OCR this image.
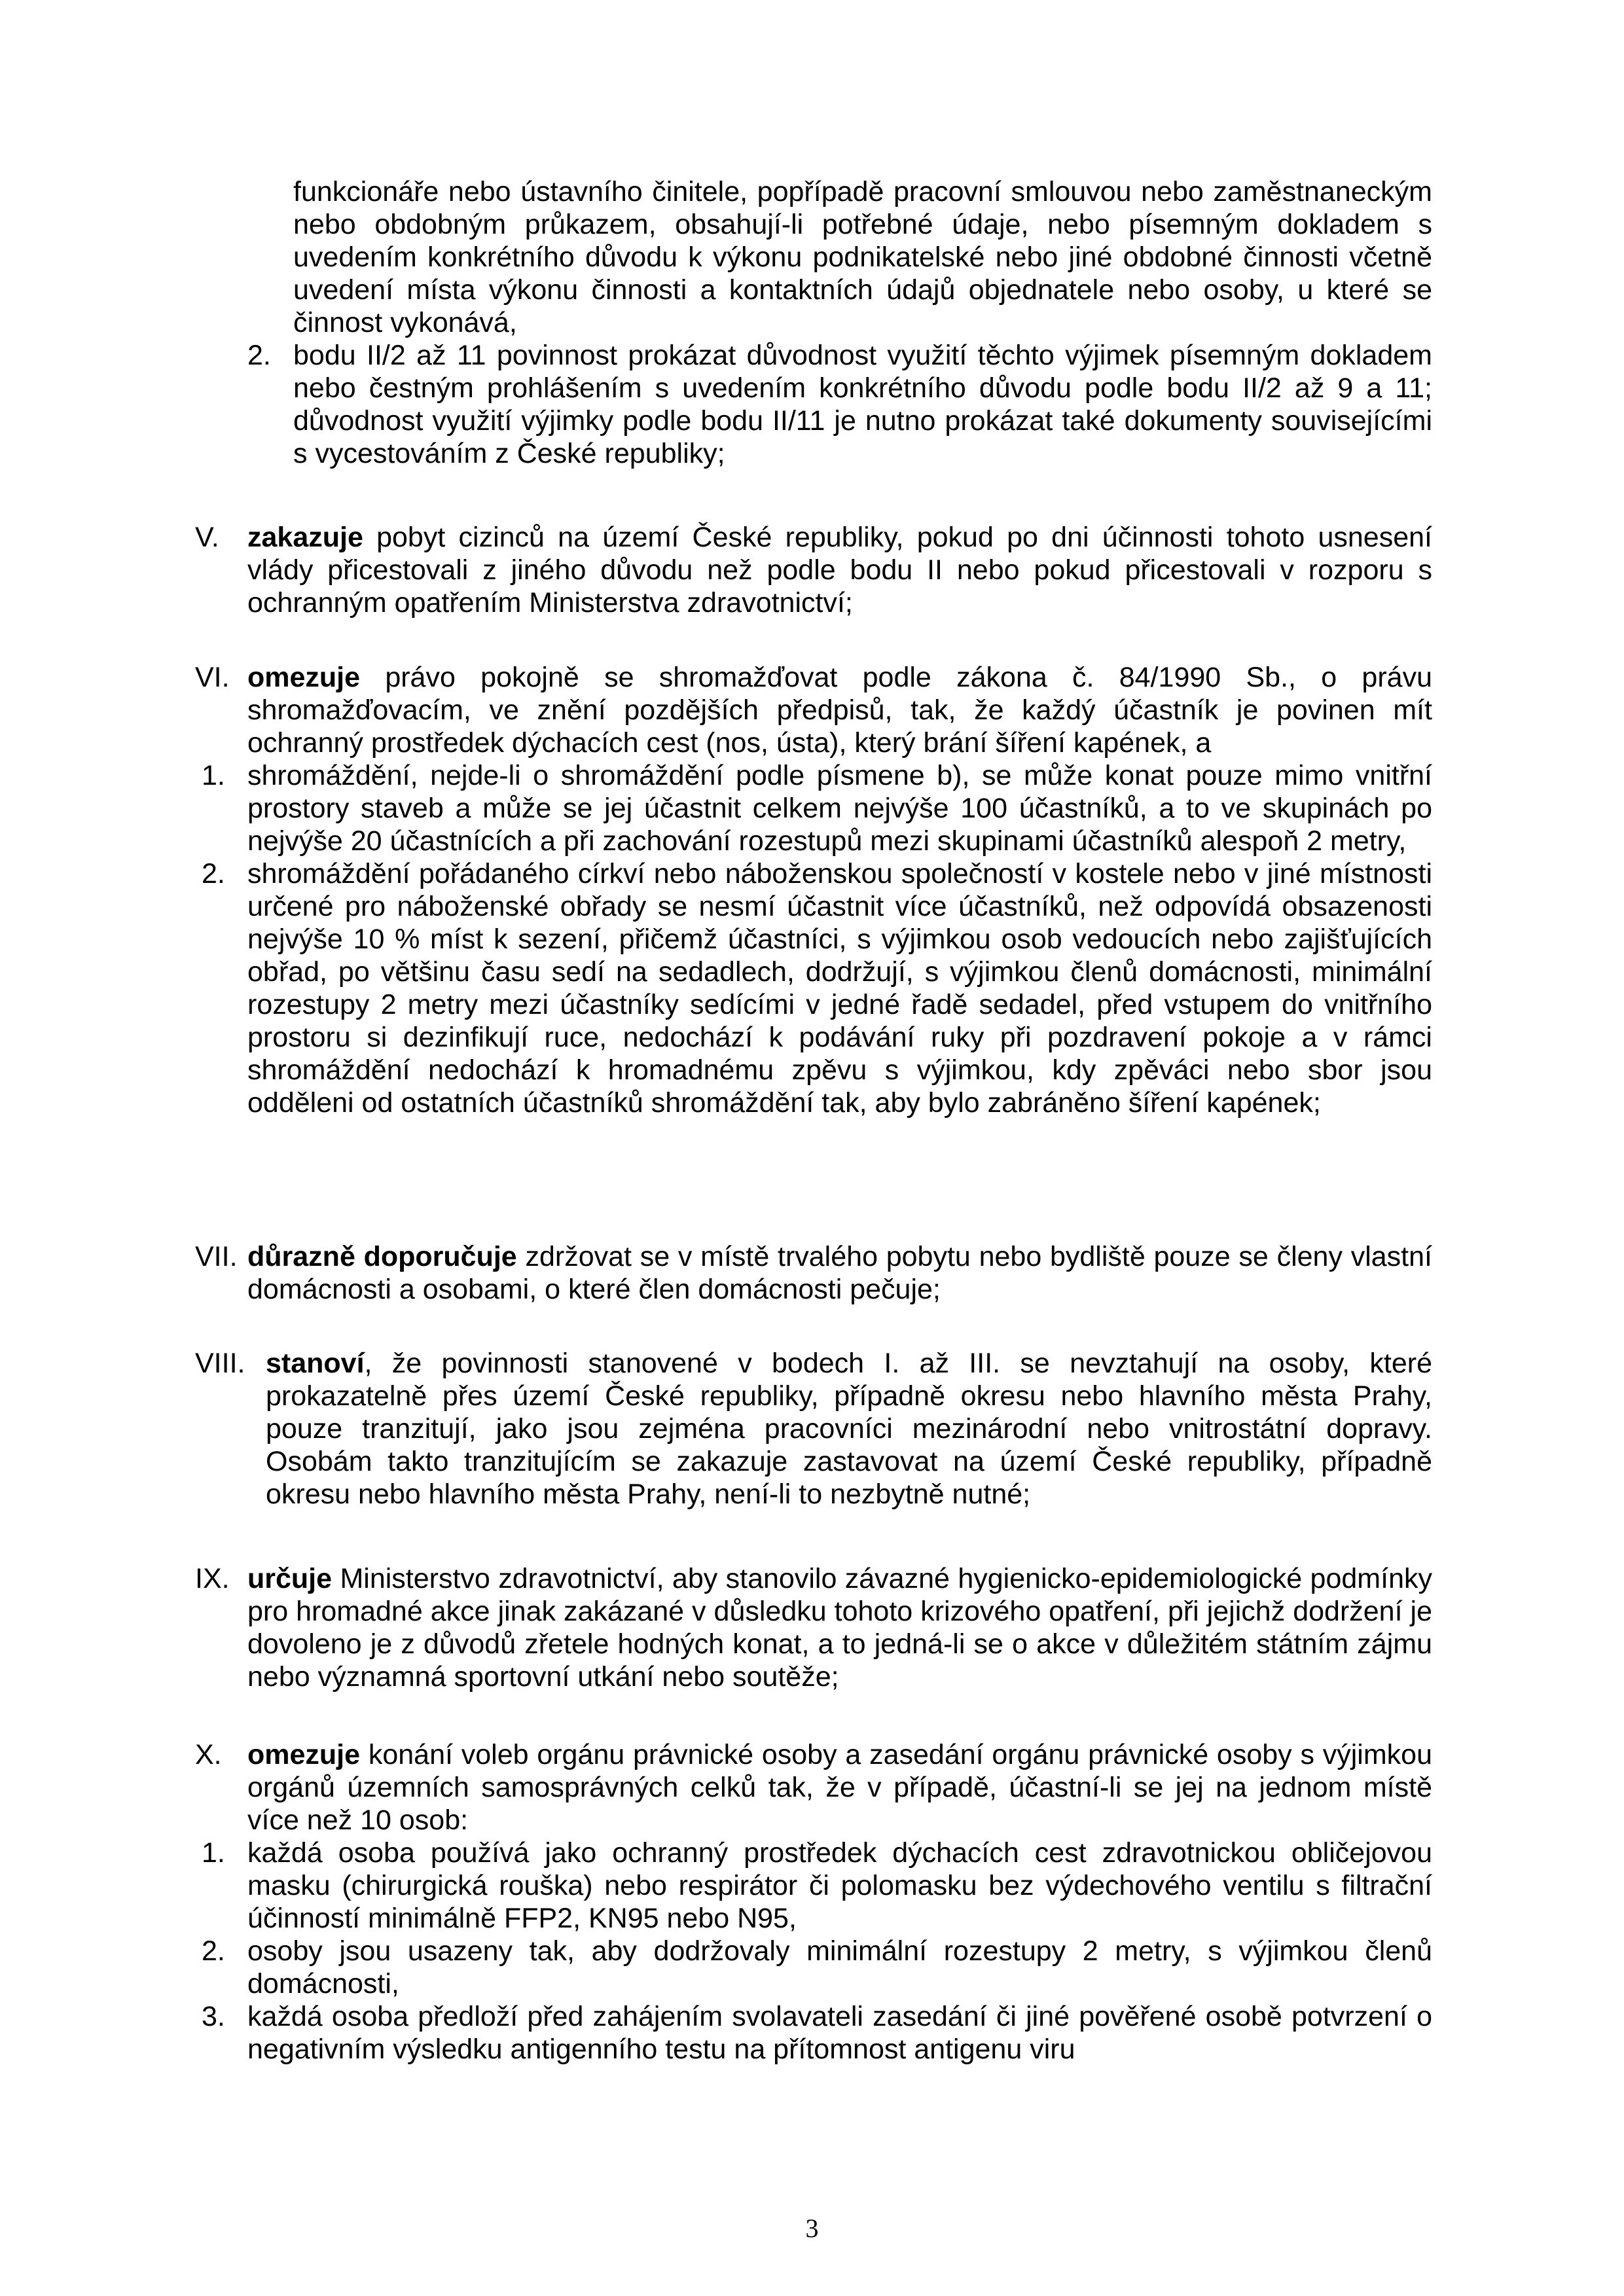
funkcionáře nebo ústavního činitele, popřípadě pracovní smlouvou nebo zaměstnaneckým nebo obdobným průkazem, obsahují-li potřebné údaje, nebo písemným dokladem s uvedením konkrétního důvodu k výkonu podnikatelské nebo jiné obdobné činnosti včetně uvedení místa výkonu činnosti a kontaktních údajů objednatele nebo osoby, u které se činnost vykonává,

2. bodu II/2 až 11 povinnost prokázat důvodnost využití těchto výjimek písemným dokladem nebo čestným prohlášením s uvedením konkrétního důvodu podle bodu II/2 až 9 a 11; důvodnost využití výjimky podle bodu II/11 je nutno prokázat také dokumenty souvisejícími s vycestováním z České republiky;
V. zakazuje pobyt cizinců na území České republiky, pokud po dni účinnosti tohoto usnesení vlády přicestovali z jiného důvodu než podle bodu II nebo pokud přicestovali v rozporu s ochranným opatřením Ministerstva zdravotnictví;
VI. omezuje právo pokojně se shromažďovat podle zákona č. 84/1990 Sb., o právu shromažďovacím, ve znění pozdějších předpisů, tak, že každý účastník je povinen mít ochranný prostředek dýchacích cest (nos, ústa), který brání šíření kapének, a
1. shromáždění, nejde-li o shromáždění podle písmene b), se může konat pouze mimo vnitřní prostory staveb a může se jej účastnit celkem nejvýše 100 účastníků, a to ve skupinách po nejvýše 20 účastnících a při zachování rozestupů mezi skupinami účastníků alespoň 2 metry,
2. shromáždění pořádaného církví nebo náboženskou společností v kostele nebo v jiné místnosti určené pro náboženské obřady se nesmí účastnit více účastníků, než odpovídá obsazenosti nejvýše 10 % míst k sezení, přičemž účastníci, s výjimkou osob vedoucích nebo zajišťujících obřad, po většinu času sedí na sedadlech, dodržují, s výjimkou členů domácnosti, minimální rozestupy 2 metry mezi účastníky sedícími v jedné řadě sedadel, před vstupem do vnitřního prostoru si dezinfikují ruce, nedochází k podávání ruky při pozdravení pokoje a v rámci shromáždění nedochází k hromadnému zpěvu s výjimkou, kdy zpěváci nebo sbor jsou odděleni od ostatních účastníků shromáždění tak, aby bylo zabráněno šíření kapének;
VII. důrazně doporučuje zdržovat se v místě trvalého pobytu nebo bydliště pouze se členy vlastní domácnosti a osobami, o které člen domácnosti pečuje;
VIII. stanoví, že povinnosti stanovené v bodech I. až III. se nevztahují na osoby, které prokazatelně přes území České republiky, případně okresu nebo hlavního města Prahy, pouze tranzitují, jako jsou zejména pracovníci mezinárodní nebo vnitrostátní dopravy. Osobám takto tranzitujícím se zakazuje zastavovat na území České republiky, případně okresu nebo hlavního města Prahy, není-li to nezbytně nutné;
IX. určuje Ministerstvo zdravotnictví, aby stanovilo závazné hygienicko-epidemiologické podmínky pro hromadné akce jinak zakázané v důsledku tohoto krizového opatření, při jejichž dodržení je dovoleno je z důvodů zřetele hodných konat, a to jedná-li se o akce v důležitém státním zájmu nebo významná sportovní utkání nebo soutěže;
X. omezuje konání voleb orgánu právnické osoby a zasedání orgánu právnické osoby s výjimkou orgánů územních samosprávných celků tak, že v případě, účastní-li se jej na jednom místě více než 10 osob:
1. každá osoba používá jako ochranný prostředek dýchacích cest zdravotnickou obličejovou masku (chirurgická rouška) nebo respirátor či polomasku bez výdechového ventilu s filtrační účinností minimálně FFP2, KN95 nebo N95,
2. osoby jsou usazeny tak, aby dodržovaly minimální rozestupy 2 metry, s výjimkou členů domácnosti,
3. každá osoba předloží před zahájením svolavateli zasedání či jiné pověřené osobě potvrzení o negativním výsledku antigenního testu na přítomnost antigenu viru
3
